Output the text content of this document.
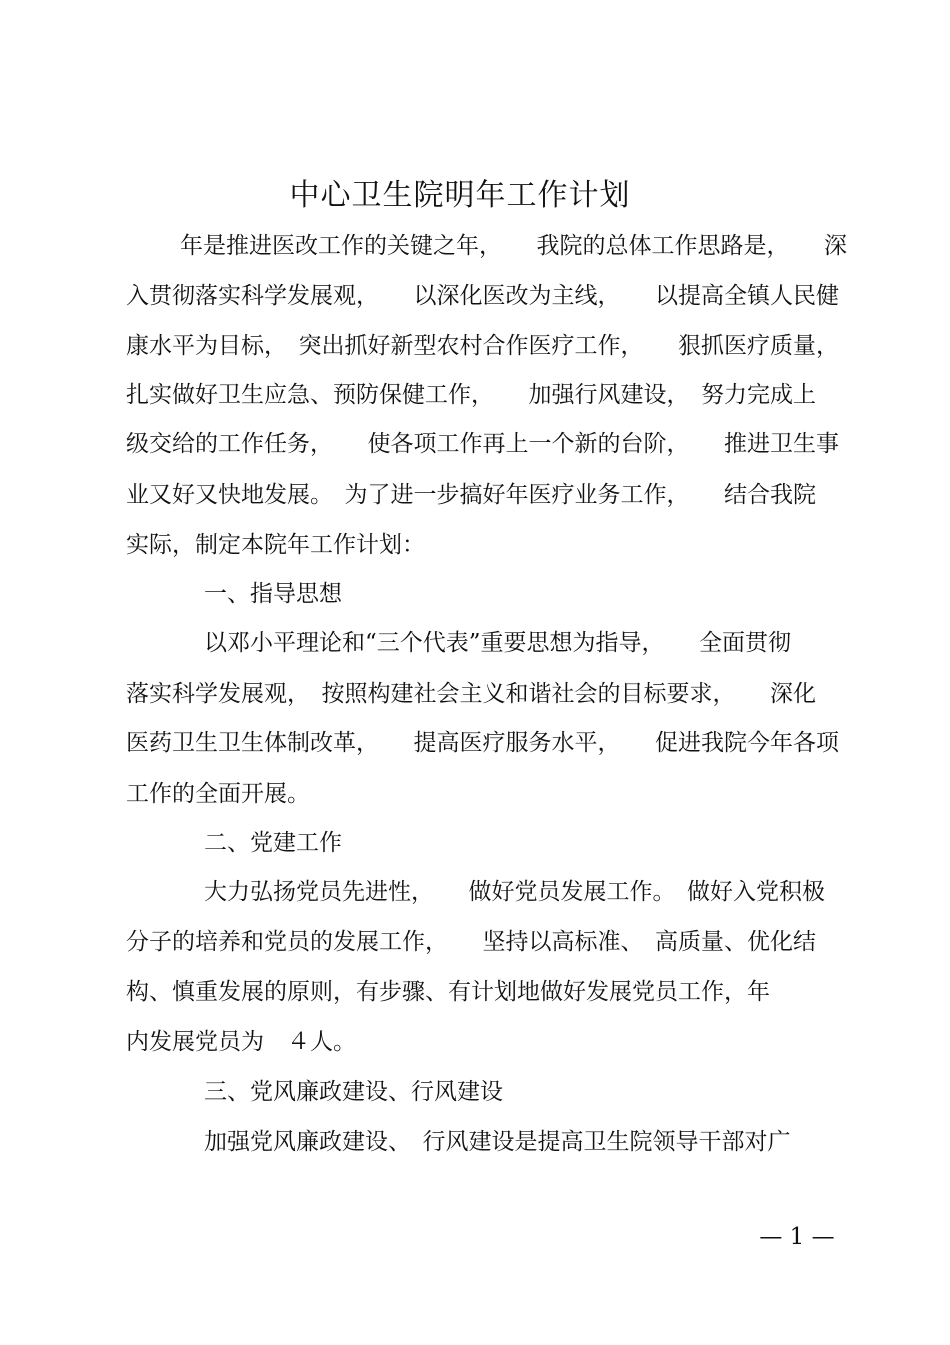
中心卫生院明年工作计划
年是推进医改工作的关键之年，　　我院的总体工作思路是，　　深
入贯彻落实科学发展观，　　以深化医改为主线，　　以提高全镇人民健
康水平为目标，　突出抓好新型农村合作医疗工作，　　狠抓医疗质量，
扎实做好卫生应急、预防保健工作，　　加强行风建设，　努力完成上
级交给的工作任务，　　使各项工作再上一个新的台阶，　　推进卫生事
业又好又快地发展。　为了进一步搞好年医疗业务工作，　　结合我院
实际，制定本院年工作计划：
一、指导思想
以邓小平理论和“三个代表”重要思想为指导，　　全面贯彻
落实科学发展观，　按照构建社会主义和谐社会的目标要求，　　深化
医药卫生卫生体制改革，　　提高医疗服务水平，　　促进我院今年各项
工作的全面开展。
二、党建工作
大力弘扬党员先进性，　　做好党员发展工作。　做好入党积极
分子的培养和党员的发展工作，　　坚持以高标准、　高质量、优化结
构、慎重发展的原则，有步骤、有计划地做好发展党员工作，年
内发展党员为　４人。
三、党风廉政建设、行风建设
加强党风廉政建设、　行风建设是提高卫生院领导干部对广
— 1 —
